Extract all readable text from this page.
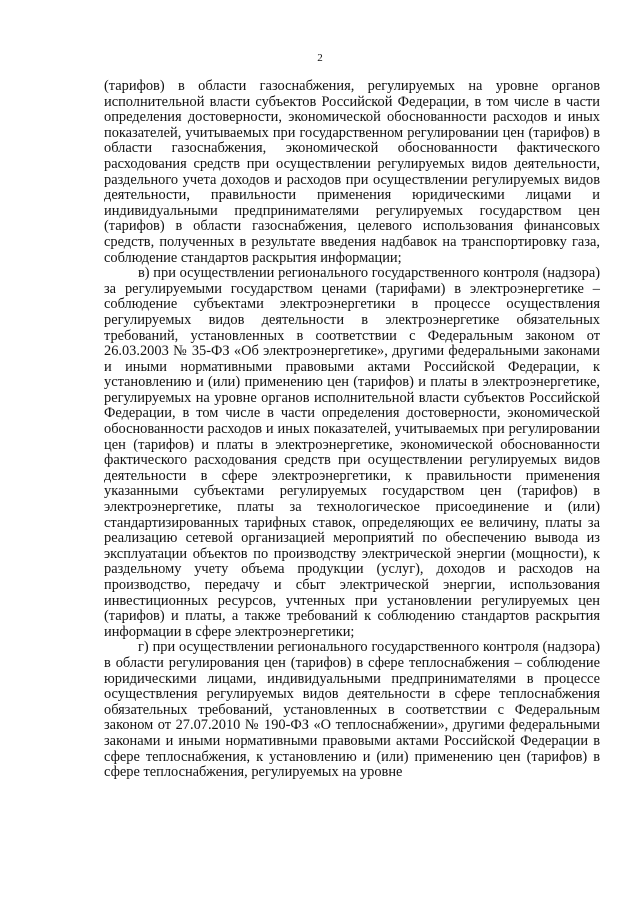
2

(тарифов) в области газоснабжения, регулируемых на уровне органов исполнительной власти субъектов Российской Федерации, в том числе в части определения достоверности, экономической обоснованности расходов и иных показателей, учитываемых при государственном регулировании цен (тарифов) в области газоснабжения, экономической обоснованности фактического расходования средств при осуществлении регулируемых видов деятельности, раздельного учета доходов и расходов при осуществлении регулируемых видов деятельности, правильности применения юридическими лицами и индивидуальными предпринимателями регулируемых государством цен (тарифов) в области газоснабжения, целевого использования финансовых средств, полученных в результате введения надбавок на транспортировку газа, соблюдение стандартов раскрытия информации;

в) при осуществлении регионального государственного контроля (надзора) за регулируемыми государством ценами (тарифами) в электроэнергетике – соблюдение субъектами электроэнергетики в процессе осуществления регулируемых видов деятельности в электроэнергетике обязательных требований, установленных в соответствии с Федеральным законом от 26.03.2003 № 35-ФЗ «Об электроэнергетике», другими федеральными законами и иными нормативными правовыми актами Российской Федерации, к установлению и (или) применению цен (тарифов) и платы в электроэнергетике, регулируемых на уровне органов исполнительной власти субъектов Российской Федерации, в том числе в части определения достоверности, экономической обоснованности расходов и иных показателей, учитываемых при регулировании цен (тарифов) и платы в электроэнергетике, экономической обоснованности фактического расходования средств при осуществлении регулируемых видов деятельности в сфере электроэнергетики, к правильности применения указанными субъектами регулируемых государством цен (тарифов) в электроэнергетике, платы за технологическое присоединение и (или) стандартизированных тарифных ставок, определяющих ее величину, платы за реализацию сетевой организацией мероприятий по обеспечению вывода из эксплуатации объектов по производству электрической энергии (мощности), к раздельному учету объема продукции (услуг), доходов и расходов на производство, передачу и сбыт электрической энергии, использования инвестиционных ресурсов, учтенных при установлении регулируемых цен (тарифов) и платы, а также требований к соблюдению стандартов раскрытия информации в сфере электроэнергетики;

г) при осуществлении регионального государственного контроля (надзора) в области регулирования цен (тарифов) в сфере теплоснабжения – соблюдение юридическими лицами, индивидуальными предпринимателями в процессе осуществления регулируемых видов деятельности в сфере теплоснабжения обязательных требований, установленных в соответствии с Федеральным законом от 27.07.2010 № 190-ФЗ «О теплоснабжении», другими федеральными законами и иными нормативными правовыми актами Российской Федерации в сфере теплоснабжения, к установлению и (или) применению цен (тарифов) в сфере теплоснабжения, регулируемых на уровне
